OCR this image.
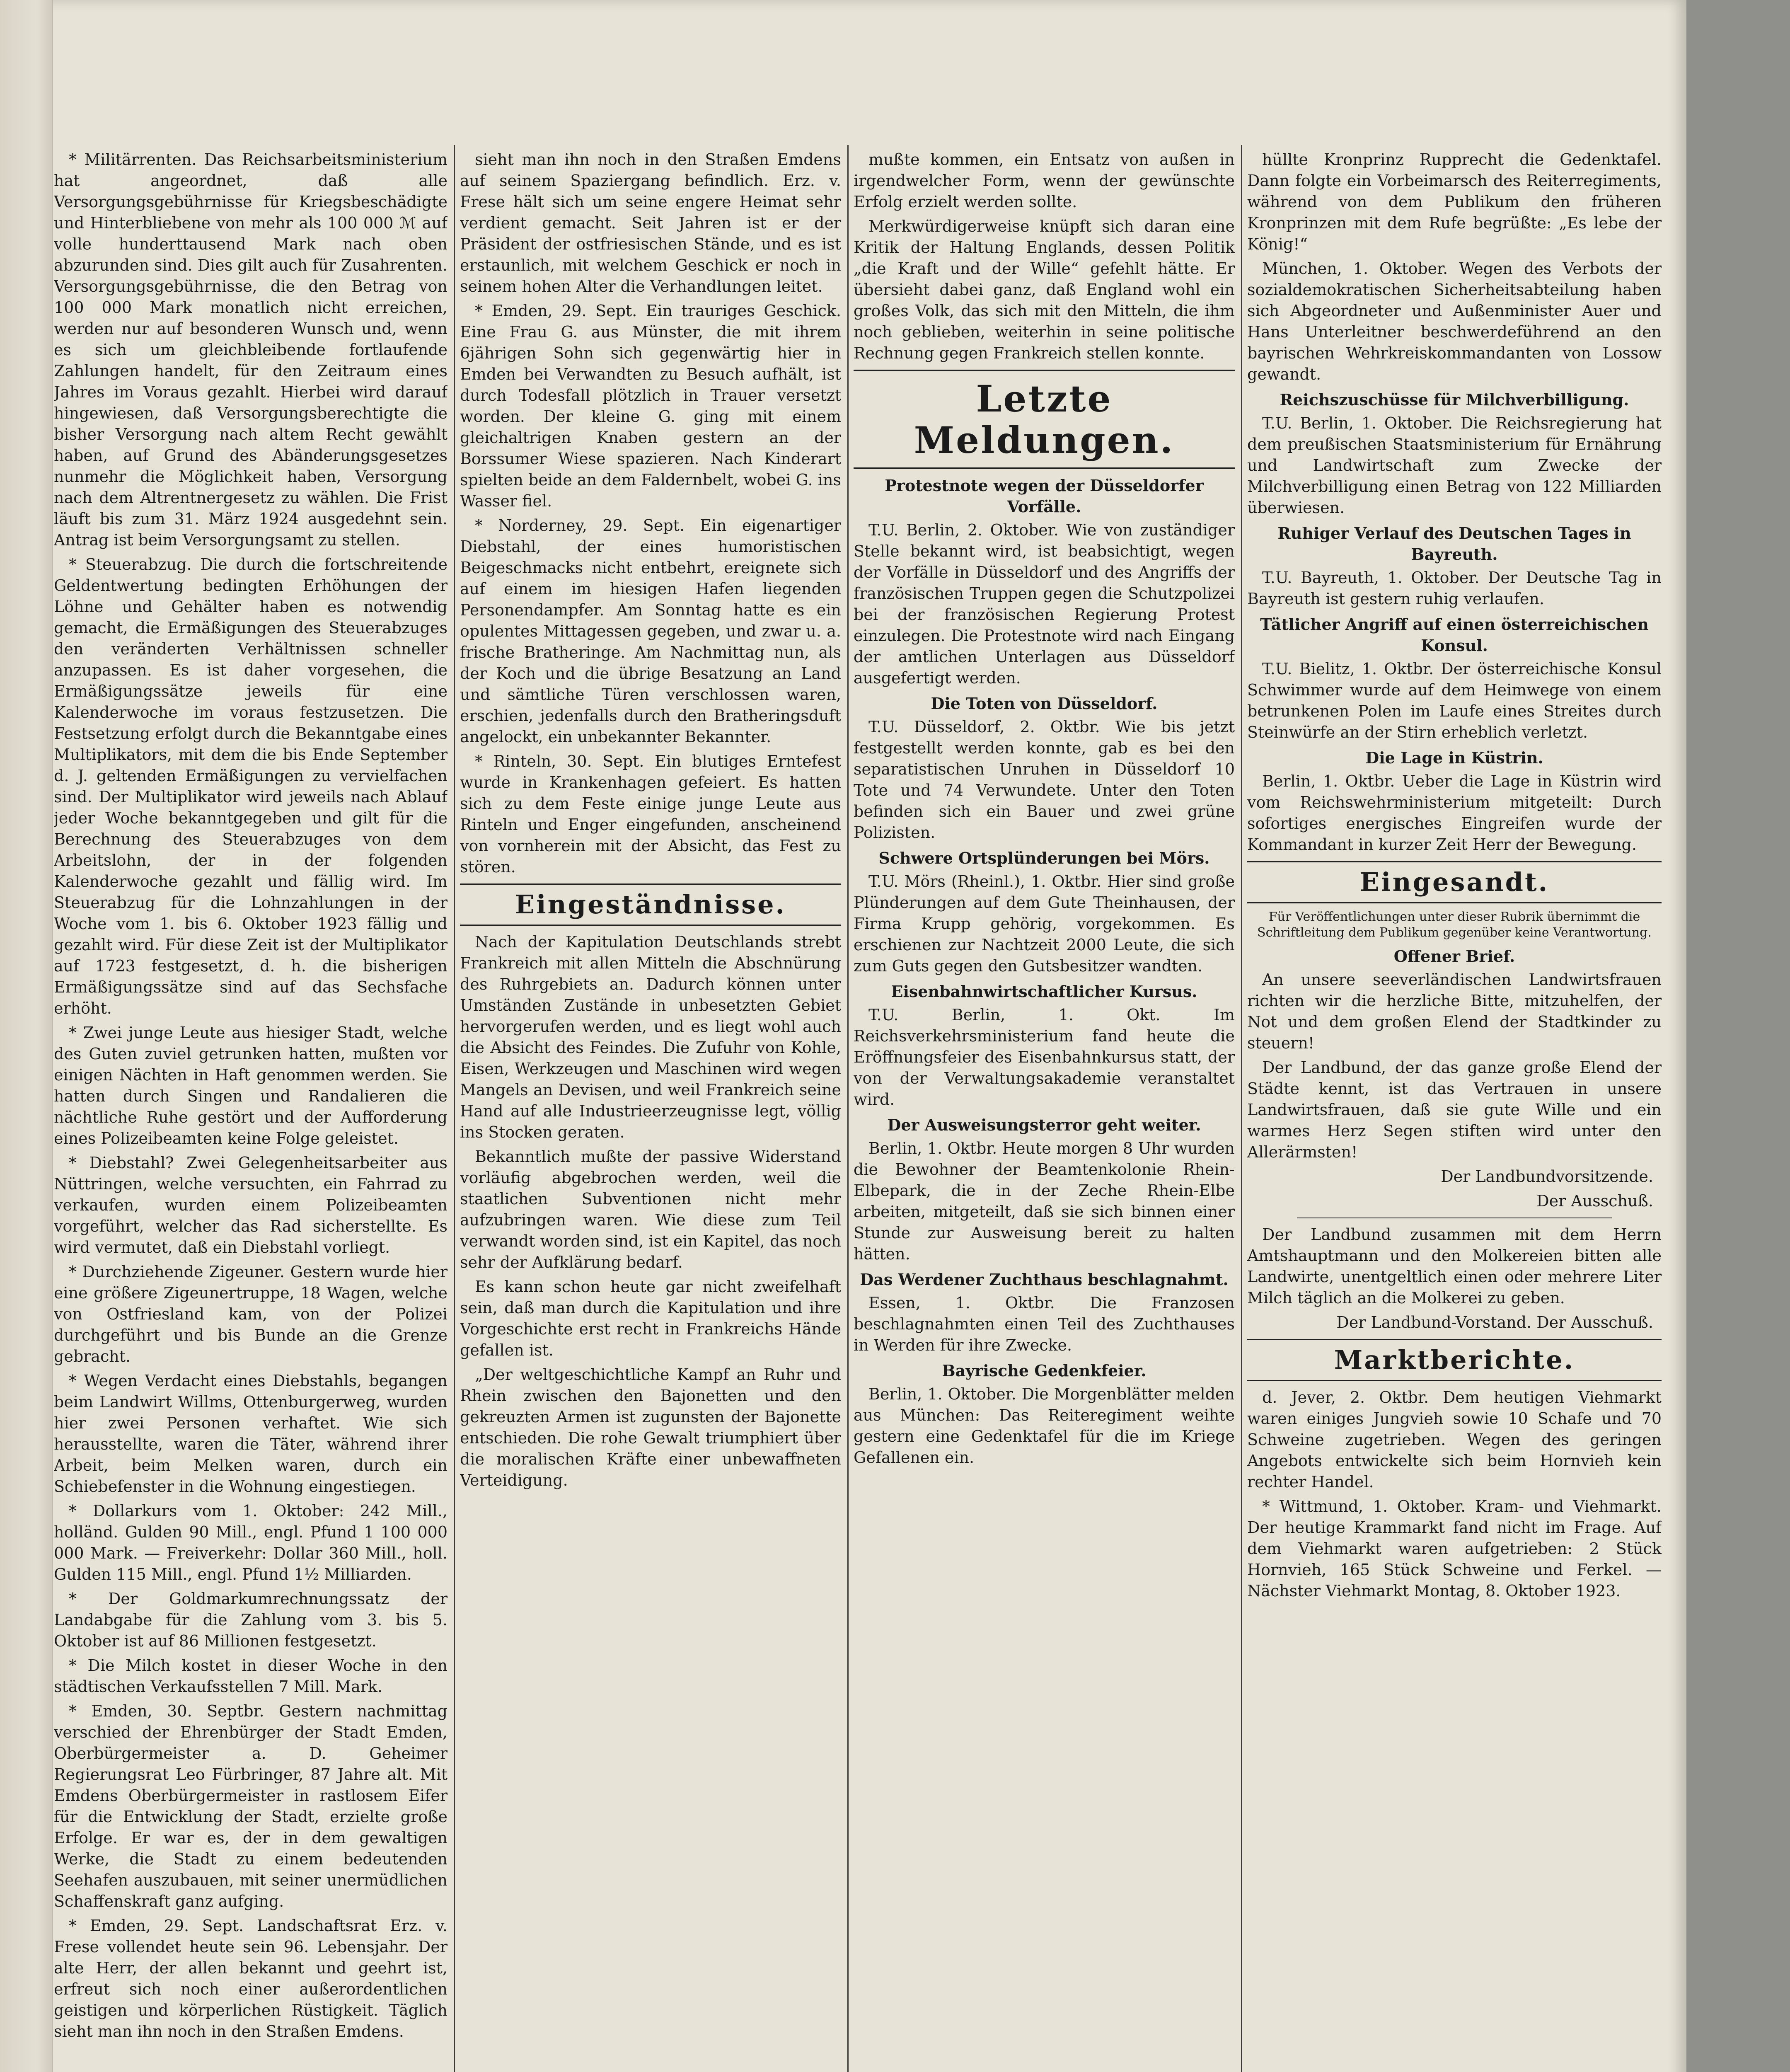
* Militärrenten. Das Reichsarbeitsministerium hat angeordnet, daß alle Versorgungsgebührnisse für Kriegsbeschädigte und Hinterbliebene von mehr als 100 000 ℳ auf volle hunderttausend Mark nach oben abzurunden sind. Dies gilt auch für Zusahrenten. Versorgungsgebührnisse, die den Betrag von 100 000 Mark monatlich nicht erreichen, werden nur auf besonderen Wunsch und, wenn es sich um gleichbleibende fortlaufende Zahlungen handelt, für den Zeitraum eines Jahres im Voraus gezahlt. Hierbei wird darauf hingewiesen, daß Versorgungsberechtigte die bisher Versorgung nach altem Recht gewählt haben, auf Grund des Abänderungsgesetzes nunmehr die Möglichkeit haben, Versorgung nach dem Altrentnergesetz zu wählen. Die Frist läuft bis zum 31. März 1924 ausgedehnt sein. Antrag ist beim Versorgungsamt zu stellen.

* Steuerabzug. Die durch die fortschreitende Geldentwertung bedingten Erhöhungen der Löhne und Gehälter haben es notwendig gemacht, die Ermäßigungen des Steuerabzuges den veränderten Verhältnissen schneller anzupassen. Es ist daher vorgesehen, die Ermäßigungssätze jeweils für eine Kalenderwoche im voraus festzusetzen. Die Festsetzung erfolgt durch die Bekanntgabe eines Multiplikators, mit dem die bis Ende September d. J. geltenden Ermäßigungen zu vervielfachen sind. Der Multiplikator wird jeweils nach Ablauf jeder Woche bekanntgegeben und gilt für die Berechnung des Steuerabzuges von dem Arbeitslohn, der in der folgenden Kalenderwoche gezahlt und fällig wird. Im Steuerabzug für die Lohnzahlungen in der Woche vom 1. bis 6. Oktober 1923 fällig und gezahlt wird. Für diese Zeit ist der Multiplikator auf 1723 festgesetzt, d. h. die bisherigen Ermäßigungssätze sind auf das Sechsfache erhöht.

* Zwei junge Leute aus hiesiger Stadt, welche des Guten zuviel getrunken hatten, mußten vor einigen Nächten in Haft genommen werden. Sie hatten durch Singen und Randalieren die nächtliche Ruhe gestört und der Aufforderung eines Polizeibeamten keine Folge geleistet.

* Diebstahl? Zwei Gelegenheitsarbeiter aus Nüttringen, welche versuchten, ein Fahrrad zu verkaufen, wurden einem Polizeibeamten vorgeführt, welcher das Rad sicherstellte. Es wird vermutet, daß ein Diebstahl vorliegt.

* Durchziehende Zigeuner. Gestern wurde hier eine größere Zigeunertruppe, 18 Wagen, welche von Ostfriesland kam, von der Polizei durchgeführt und bis Bunde an die Grenze gebracht.

* Wegen Verdacht eines Diebstahls, begangen beim Landwirt Willms, Ottenburgerweg, wurden hier zwei Personen verhaftet. Wie sich herausstellte, waren die Täter, während ihrer Arbeit, beim Melken waren, durch ein Schiebefenster in die Wohnung eingestiegen.

* Dollarkurs vom 1. Oktober: 242 Mill., holländ. Gulden 90 Mill., engl. Pfund 1 100 000 000 Mark. — Freiverkehr: Dollar 360 Mill., holl. Gulden 115 Mill., engl. Pfund 1½ Milliarden.

* Der Goldmarkumrechnungssatz der Landabgabe für die Zahlung vom 3. bis 5. Oktober ist auf 86 Millionen festgesetzt.

* Die Milch kostet in dieser Woche in den städtischen Verkaufsstellen 7 Mill. Mark.

* Emden, 30. Septbr. Gestern nachmittag verschied der Ehrenbürger der Stadt Emden, Oberbürgermeister a. D. Geheimer Regierungsrat Leo Fürbringer, 87 Jahre alt. Mit Emdens Oberbürgermeister in rastlosem Eifer für die Entwicklung der Stadt, erzielte große Erfolge. Er war es, der in dem gewaltigen Werke, die Stadt zu einem bedeutenden Seehafen auszubauen, mit seiner unermüdlichen Schaffenskraft ganz aufging.

* Emden, 29. Sept. Landschaftsrat Erz. v. Frese vollendet heute sein 96. Lebensjahr. Der alte Herr, der allen bekannt und geehrt ist, erfreut sich noch einer außerordentlichen geistigen und körperlichen Rüstigkeit. Täglich sieht man ihn noch in den Straßen Emdens.

sieht man ihn noch in den Straßen Emdens auf seinem Spaziergang befindlich. Erz. v. Frese hält sich um seine engere Heimat sehr verdient gemacht. Seit Jahren ist er der Präsident der ostfriesischen Stände, und es ist erstaunlich, mit welchem Geschick er noch in seinem hohen Alter die Verhandlungen leitet.

* Emden, 29. Sept. Ein trauriges Geschick. Eine Frau G. aus Münster, die mit ihrem 6jährigen Sohn sich gegenwärtig hier in Emden bei Verwandten zu Besuch aufhält, ist durch Todesfall plötzlich in Trauer versetzt worden. Der kleine G. ging mit einem gleichaltrigen Knaben gestern an der Borssumer Wiese spazieren. Nach Kinderart spielten beide an dem Faldernbelt, wobei G. ins Wasser fiel.

* Norderney, 29. Sept. Ein eigenartiger Diebstahl, der eines humoristischen Beigeschmacks nicht entbehrt, ereignete sich auf einem im hiesigen Hafen liegenden Personendampfer. Am Sonntag hatte es ein opulentes Mittagessen gegeben, und zwar u. a. frische Bratheringe. Am Nachmittag nun, als der Koch und die übrige Besatzung an Land und sämtliche Türen verschlossen waren, erschien, jedenfalls durch den Bratheringsduft angelockt, ein unbekannter Bekannter.

* Rinteln, 30. Sept. Ein blutiges Erntefest wurde in Krankenhagen gefeiert. Es hatten sich zu dem Feste einige junge Leute aus Rinteln und Enger eingefunden, anscheinend von vornherein mit der Absicht, das Fest zu stören.

Eingeständnisse.

Nach der Kapitulation Deutschlands strebt Frankreich mit allen Mitteln die Abschnürung des Ruhrgebiets an. Dadurch können unter Umständen Zustände in unbesetzten Gebiet hervorgerufen werden, und es liegt wohl auch die Absicht des Feindes. Die Zufuhr von Kohle, Eisen, Werkzeugen und Maschinen wird wegen Mangels an Devisen, und weil Frankreich seine Hand auf alle Industrieerzeugnisse legt, völlig ins Stocken geraten.

Bekanntlich mußte der passive Widerstand vorläufig abgebrochen werden, weil die staatlichen Subventionen nicht mehr aufzubringen waren. Wie diese zum Teil verwandt worden sind, ist ein Kapitel, das noch sehr der Aufklärung bedarf.

Es kann schon heute gar nicht zweifelhaft sein, daß man durch die Kapitulation und ihre Vorgeschichte erst recht in Frankreichs Hände gefallen ist.

„Der weltgeschichtliche Kampf an Ruhr und Rhein zwischen den Bajonetten und den gekreuzten Armen ist zugunsten der Bajonette entschieden. Die rohe Gewalt triumphiert über die moralischen Kräfte einer unbewaffneten Verteidigung.

mußte kommen, ein Entsatz von außen in irgendwelcher Form, wenn der gewünschte Erfolg erzielt werden sollte.

Merkwürdigerweise knüpft sich daran eine Kritik der Haltung Englands, dessen Politik „die Kraft und der Wille“ gefehlt hätte. Er übersieht dabei ganz, daß England wohl ein großes Volk, das sich mit den Mitteln, die ihm noch geblieben, weiterhin in seine politische Rechnung gegen Frankreich stellen konnte.

Letzte Meldungen.
Protestnote wegen der Düsseldorfer Vorfälle.

T.U. Berlin, 2. Oktober. Wie von zuständiger Stelle bekannt wird, ist beabsichtigt, wegen der Vorfälle in Düsseldorf und des Angriffs der französischen Truppen gegen die Schutzpolizei bei der französischen Regierung Protest einzulegen. Die Protestnote wird nach Eingang der amtlichen Unterlagen aus Düsseldorf ausgefertigt werden.

Die Toten von Düsseldorf.

T.U. Düsseldorf, 2. Oktbr. Wie bis jetzt festgestellt werden konnte, gab es bei den separatistischen Unruhen in Düsseldorf 10 Tote und 74 Verwundete. Unter den Toten befinden sich ein Bauer und zwei grüne Polizisten.

Schwere Ortsplünderungen bei Mörs.

T.U. Mörs (Rheinl.), 1. Oktbr. Hier sind große Plünderungen auf dem Gute Theinhausen, der Firma Krupp gehörig, vorgekommen. Es erschienen zur Nachtzeit 2000 Leute, die sich zum Guts gegen den Gutsbesitzer wandten.

Eisenbahnwirtschaftlicher Kursus.

T.U. Berlin, 1. Okt. Im Reichsverkehrsministerium fand heute die Eröffnungsfeier des Eisenbahnkursus statt, der von der Verwaltungsakademie veranstaltet wird.

Der Ausweisungsterror geht weiter.

Berlin, 1. Oktbr. Heute morgen 8 Uhr wurden die Bewohner der Beamtenkolonie Rhein-Elbepark, die in der Zeche Rhein-Elbe arbeiten, mitgeteilt, daß sie sich binnen einer Stunde zur Ausweisung bereit zu halten hätten.

Das Werdener Zuchthaus beschlagnahmt.

Essen, 1. Oktbr. Die Franzosen beschlagnahmten einen Teil des Zuchthauses in Werden für ihre Zwecke.

Bayrische Gedenkfeier.

Berlin, 1. Oktober. Die Morgenblätter melden aus München: Das Reiteregiment weihte gestern eine Gedenktafel für die im Kriege Gefallenen ein.

hüllte Kronprinz Rupprecht die Gedenktafel. Dann folgte ein Vorbeimarsch des Reiterregiments, während von dem Publikum den früheren Kronprinzen mit dem Rufe begrüßte: „Es lebe der König!“

München, 1. Oktober. Wegen des Verbots der sozialdemokratischen Sicherheitsabteilung haben sich Abgeordneter und Außenminister Auer und Hans Unterleitner beschwerdeführend an den bayrischen Wehrkreiskommandanten von Lossow gewandt.

Reichszuschüsse für Milchverbilligung.

T.U. Berlin, 1. Oktober. Die Reichsregierung hat dem preußischen Staatsministerium für Ernährung und Landwirtschaft zum Zwecke der Milchverbilligung einen Betrag von 122 Milliarden überwiesen.

Ruhiger Verlauf des Deutschen Tages in Bayreuth.

T.U. Bayreuth, 1. Oktober. Der Deutsche Tag in Bayreuth ist gestern ruhig verlaufen.

Tätlicher Angriff auf einen österreichischen Konsul.

T.U. Bielitz, 1. Oktbr. Der österreichische Konsul Schwimmer wurde auf dem Heimwege von einem betrunkenen Polen im Laufe eines Streites durch Steinwürfe an der Stirn erheblich verletzt.

Die Lage in Küstrin.

Berlin, 1. Oktbr. Ueber die Lage in Küstrin wird vom Reichswehrministerium mitgeteilt: Durch sofortiges energisches Eingreifen wurde der Kommandant in kurzer Zeit Herr der Bewegung.

Eingesandt.
Für Veröffentlichungen unter dieser Rubrik übernimmt die Schriftleitung dem Publikum gegenüber keine Verantwortung.
Offener Brief.

An unsere seeverländischen Landwirtsfrauen richten wir die herzliche Bitte, mitzuhelfen, der Not und dem großen Elend der Stadtkinder zu steuern!

Der Landbund, der das ganze große Elend der Städte kennt, ist das Vertrauen in unsere Landwirtsfrauen, daß sie gute Wille und ein warmes Herz Segen stiften wird unter den Allerärmsten!

Der Landbundvorsitzende.
Der Ausschuß.

Der Landbund zusammen mit dem Herrn Amtshauptmann und den Molkereien bitten alle Landwirte, unentgeltlich einen oder mehrere Liter Milch täglich an die Molkerei zu geben.

Der Landbund-Vorstand. Der Ausschuß.
Marktberichte.

d. Jever, 2. Oktbr. Dem heutigen Viehmarkt waren einiges Jungvieh sowie 10 Schafe und 70 Schweine zugetrieben. Wegen des geringen Angebots entwickelte sich beim Hornvieh kein rechter Handel.

* Wittmund, 1. Oktober. Kram- und Viehmarkt. Der heutige Krammarkt fand nicht im Frage. Auf dem Viehmarkt waren aufgetrieben: 2 Stück Hornvieh, 165 Stück Schweine und Ferkel. — Nächster Viehmarkt Montag, 8. Oktober 1923.
